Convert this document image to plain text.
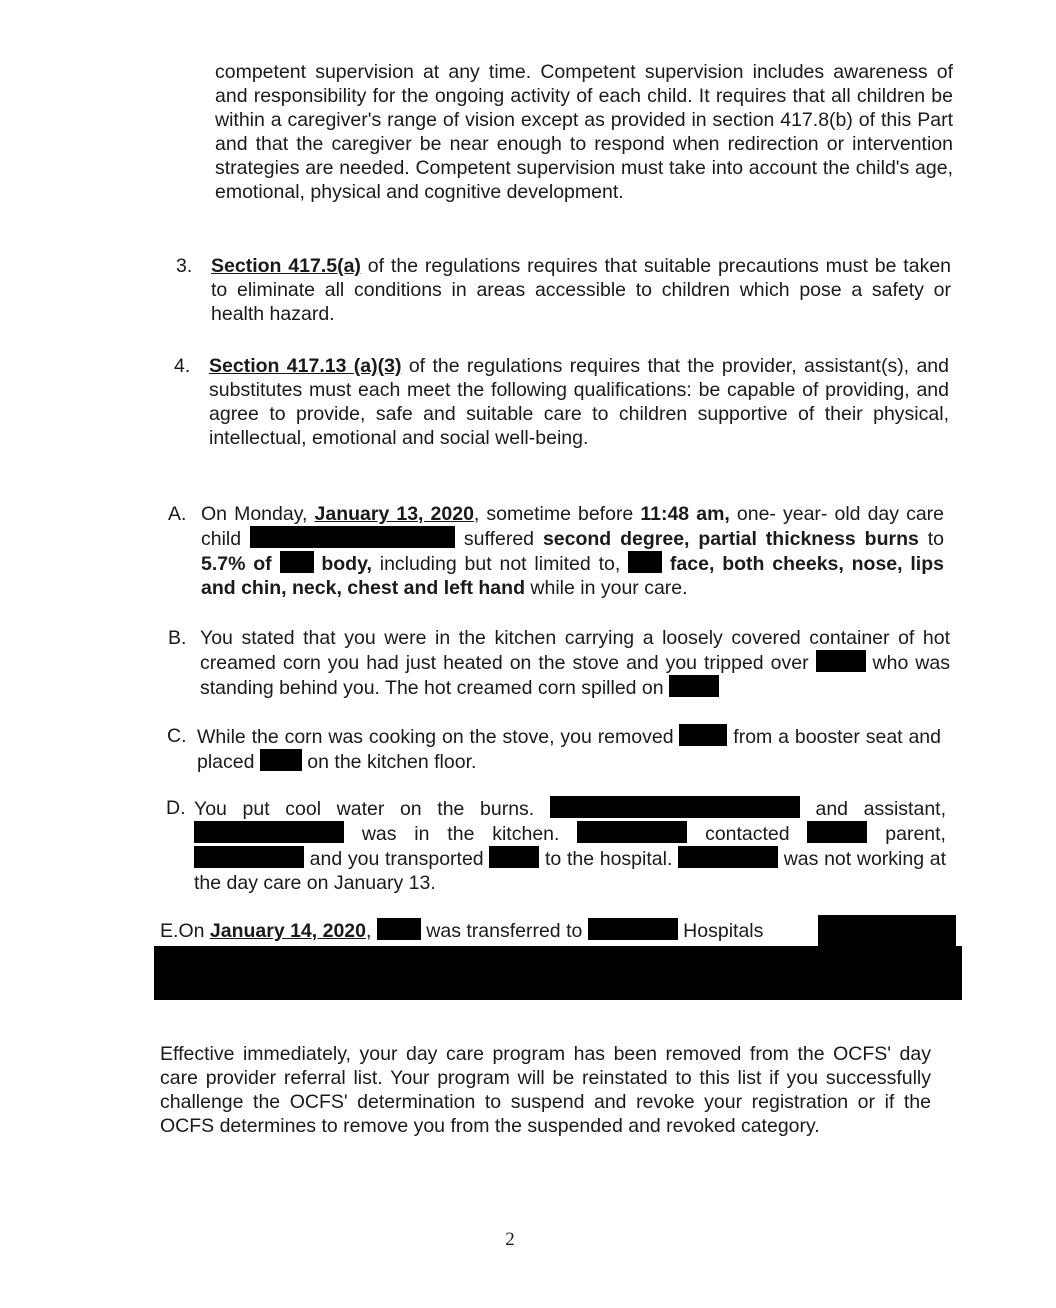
competent supervision at any time. Competent supervision includes awareness of and responsibility for the ongoing activity of each child. It requires that all children be within a caregiver's range of vision except as provided in section 417.8(b) of this Part and that the caregiver be near enough to respond when redirection or intervention strategies are needed. Competent supervision must take into account the child's age, emotional, physical and cognitive development.
3. Section 417.5(a) of the regulations requires that suitable precautions must be taken to eliminate all conditions in areas accessible to children which pose a safety or health hazard.
4. Section 417.13 (a)(3) of the regulations requires that the provider, assistant(s), and substitutes must each meet the following qualifications: be capable of providing, and agree to provide, safe and suitable care to children supportive of their physical, intellectual, emotional and social well-being.
A. On Monday, January 13, 2020, sometime before 11:48 am, one- year- old day care child	suffered second degree, partial thickness burns to 5.7% of	body, including but not limited to,  face, both cheeks, nose, lips and chin, neck, chest and left hand while in your care.
B. You stated that you were in the kitchen carrying a loosely covered container of hot creamed corn you had just heated on the stove and you tripped over	who was standing behind you. The hot creamed corn spilled on
C. While the corn was cooking on the stove, you removed  from a booster seat and placed  on the kitchen floor.
D. You put cool water on the burns.	and assistant,  was in the kitchen.	contacted	parent,  and you transported	to the hospital.	was not working at the day care on January 13.
E.On January 14, 2020,  was transferred to	Hospitals
Effective immediately, your day care program has been removed from the OCFS' day care provider referral list. Your program will be reinstated to this list if you successfully challenge the OCFS' determination to suspend and revoke your registration or if the OCFS determines to remove you from the suspended and revoked category.
2
